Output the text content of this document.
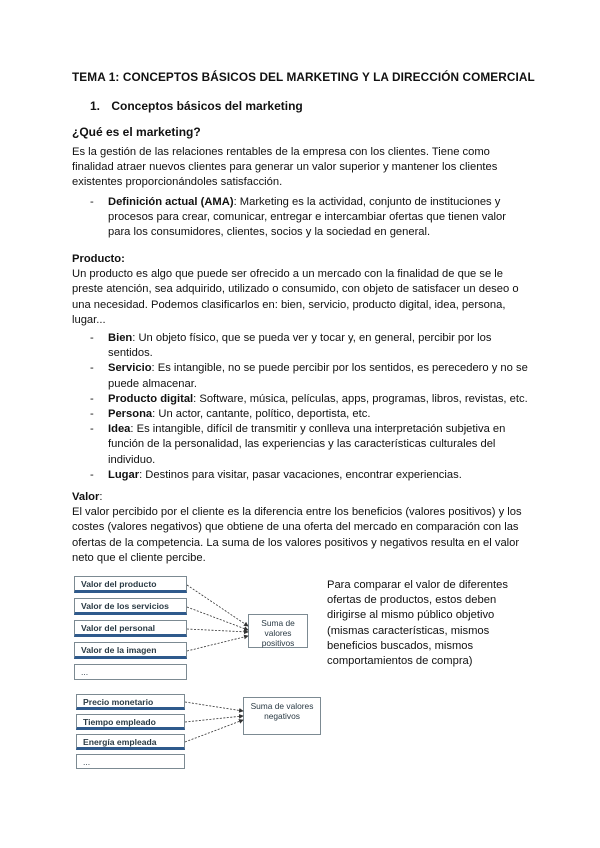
TEMA 1: CONCEPTOS BÁSICOS DEL MARKETING Y LA DIRECCIÓN COMERCIAL
1. Conceptos básicos del marketing
¿Qué es el marketing?
Es la gestión de las relaciones rentables de la empresa con los clientes. Tiene como finalidad atraer nuevos clientes para generar un valor superior y mantener los clientes existentes proporcionándoles satisfacción.
- Definición actual (AMA): Marketing es la actividad, conjunto de instituciones y procesos para crear, comunicar, entregar e intercambiar ofertas que tienen valor para los consumidores, clientes, socios y la sociedad en general.
Producto:
Un producto es algo que puede ser ofrecido a un mercado con la finalidad de que se le preste atención, sea adquirido, utilizado o consumido, con objeto de satisfacer un deseo o una necesidad. Podemos clasificarlos en: bien, servicio, producto digital, idea, persona, lugar...
- Bien: Un objeto físico, que se pueda ver y tocar y, en general, percibir por los sentidos.
- Servicio: Es intangible, no se puede percibir por los sentidos, es perecedero y no se puede almacenar.
- Producto digital: Software, música, películas, apps, programas, libros, revistas, etc.
- Persona: Un actor, cantante, político, deportista, etc.
- Idea: Es intangible, difícil de transmitir y conlleva una interpretación subjetiva en función de la personalidad, las experiencias y las características culturales del individuo.
- Lugar: Destinos para visitar, pasar vacaciones, encontrar experiencias.
Valor:
El valor percibido por el cliente es la diferencia entre los beneficios (valores positivos) y los costes (valores negativos) que obtiene de una oferta del mercado en comparación con las ofertas de la competencia. La suma de los valores positivos y negativos resulta en el valor neto que el cliente percibe.
Valor del producto
Valor de los servicios
Valor del personal
Valor de la imagen
...
Suma de valores positivos
Precio monetario
Tiempo empleado
Energía empleada
...
Suma de valores negativos
Para comparar el valor de diferentes ofertas de productos, estos deben dirigirse al mismo público objetivo (mismas características, mismos beneficios buscados, mismos comportamientos de compra)
